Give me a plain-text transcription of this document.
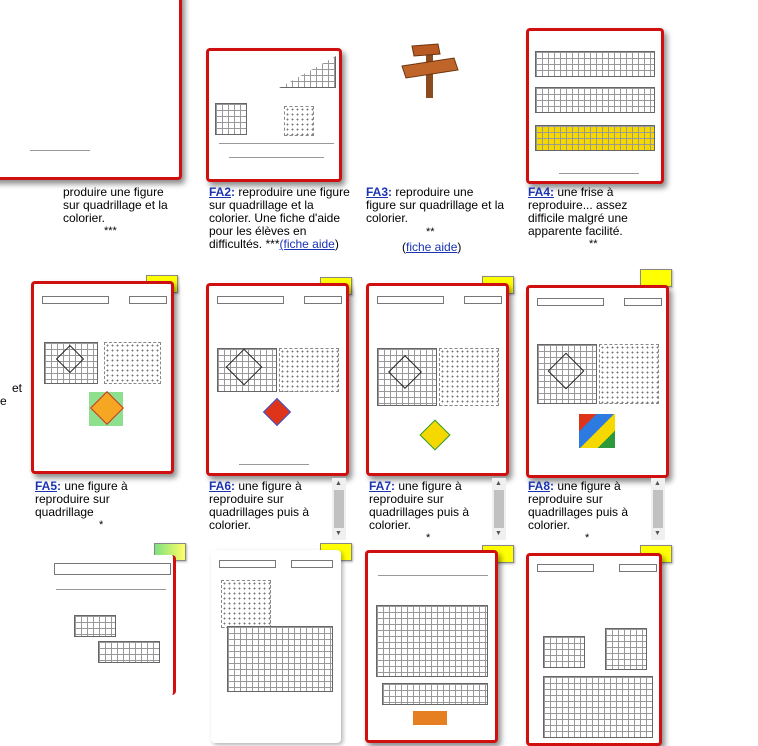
produire une figure sur quadrillage et la colorier.
***
FA2: reproduire une figure sur quadrillage et la colorier. Une fiche d'aide pour les élèves en difficultés. ***(fiche aide)
FA3: reproduire une figure sur quadrillage et la colorier.
**
(fiche aide)
FA4: une frise à reproduire... assez difficile malgré une apparente facilité.
**
et
e
FA5: une figure à reproduire sur quadrillage
*
FA6: une figure à reproduire sur quadrillages puis à colorier.
FA7: une figure à reproduire sur quadrillages puis à colorier.
*
FA8: une figure à reproduire sur quadrillages puis à colorier.
*
▲
▼
▲
▼
▲
▼
